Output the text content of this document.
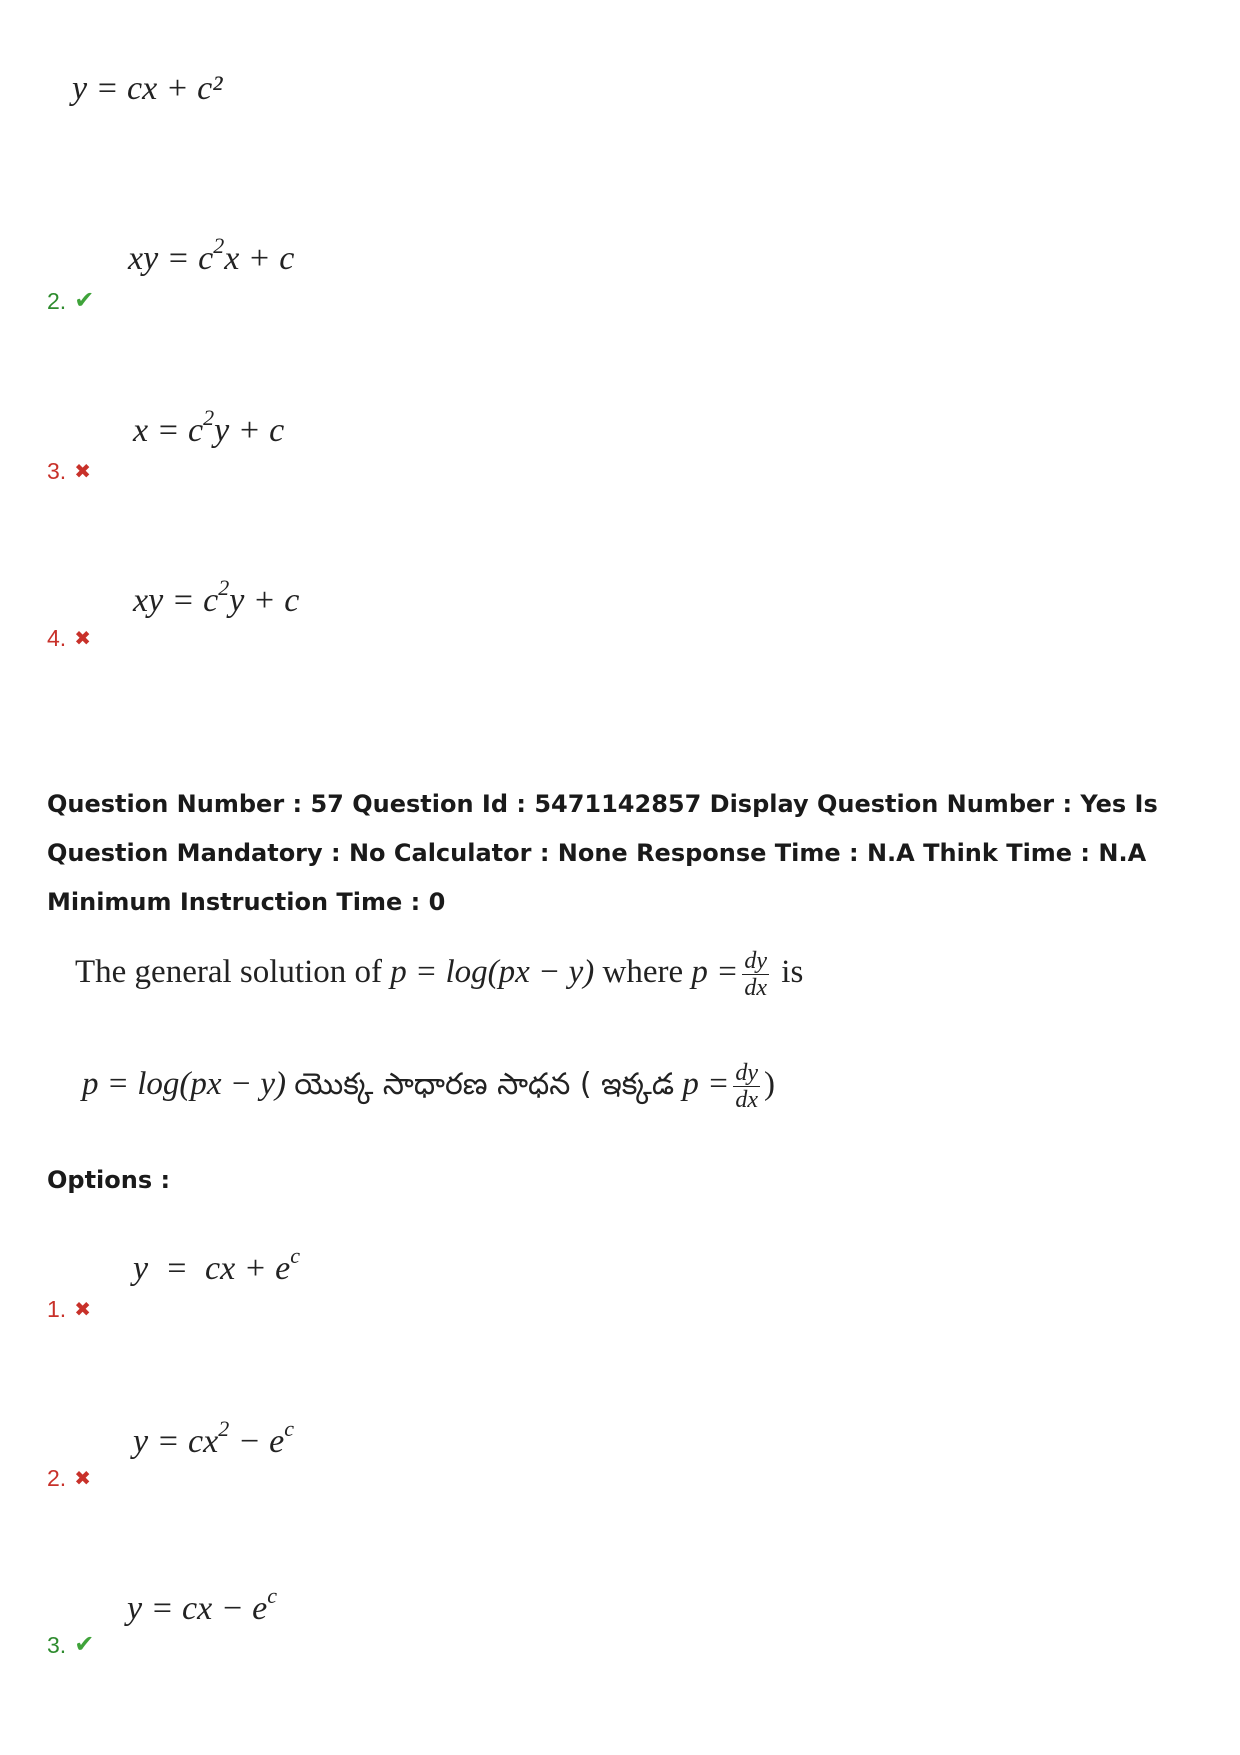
y = cx + c²
xy = $c^2x + c$
2. ✔
$x = c^2y + c$
3. ✖
xy = $c^2y + c$
4. ✖
Question Number : 57 Question Id : 5471142857 Display Question Number : Yes Is Question Mandatory : No Calculator : None Response Time : N.A Think Time : N.A Minimum Instruction Time : 0
The general solution of p = log(px − y) where $p = \frac{dy}{dx}$ is
p = log(px − y) యొక్క సాధారణ సాధన ( ఇక్కడ $p = \frac{dy}{dx}$ )
Options :
y  =  cx + $e^c$
1. ✖
$y = cx^2 - e^c$
2. ✖
y = cx − $e^c$
3. ✔
